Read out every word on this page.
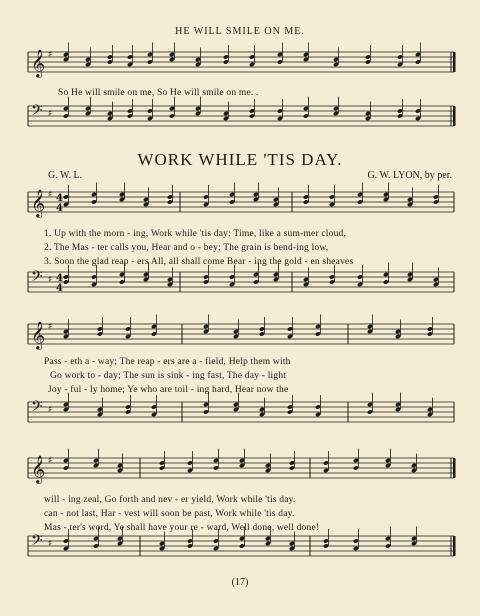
HE WILL SMILE ON ME.
𝄞 ♯
So He will smile on me, So He will smile on me. .
𝄢 ♯
WORK WHILE 'TIS DAY.
G. W. L.	G. W. LYON, by per.
𝄞 ♯ 4
4
1. Up with the morn - ing, Work while 'tis day; Time, like a sum-mer cloud,
2. The Mas - ter calls you, Hear and o - bey; The grain is bend-ing low,
3. Soon the glad reap - ers All, all shall come Bear - ing the gold - en sheaves
𝄢 ♯ 4
4
𝄞 ♯
Pass - eth a - way; The reap - ers are a - field, Help them with
Go work to - day; The sun is sink - ing fast, The day - light
Joy - ful - ly home; Ye who are toil - ing hard, Hear now the
𝄢 ♯
𝄞 ♯
will - ing zeal, Go forth and nev - er yield, Work while 'tis day.
can - not last, Har - vest will soon be past, Work while 'tis day.
Mas - ter's word, Ye shall have your re - ward, Well done, well done!
𝄢 ♯
(17)
